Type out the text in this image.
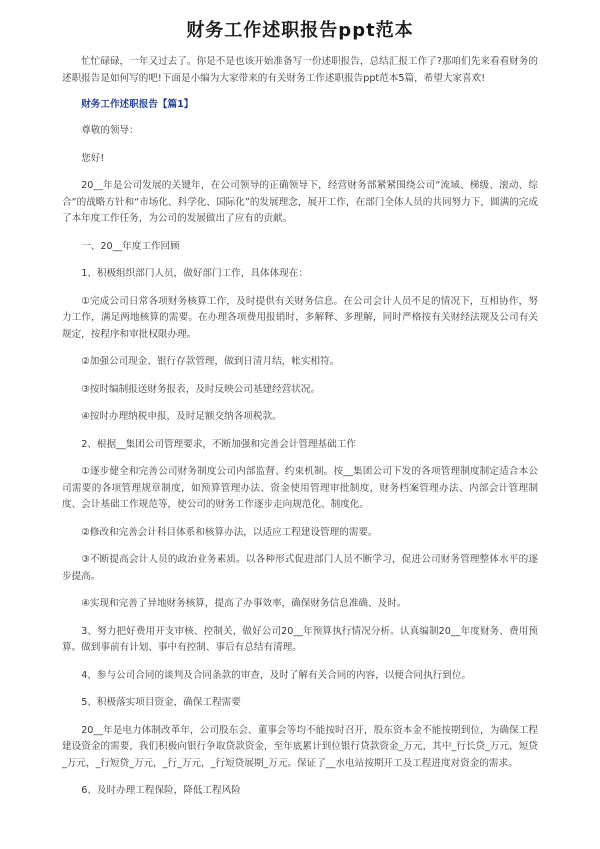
财务工作述职报告ppt范本

忙忙碌碌，一年又过去了。你是不是也该开始准备写一份述职报告，总结汇报工作了?那咱们先来看看财务的述职报告是如何写的吧!下面是小编为大家带来的有关财务工作述职报告ppt范本5篇，希望大家喜欢!

财务工作述职报告【篇1】

尊敬的领导：

您好!

20__年是公司发展的关键年，在公司领导的正确领导下，经营财务部紧紧围绕公司“流域、梯级、滚动、综合”的战略方针和“市场化、科学化、国际化”的发展理念，展开工作，在部门全体人员的共同努力下，圆满的完成了本年度工作任务，为公司的发展做出了应有的贡献。

一、20__年度工作回顾

1、积极组织部门人员，做好部门工作，具体体现在：

①完成公司日常各项财务核算工作，及时提供有关财务信息。在公司会计人员不足的情况下，互相协作，努力工作，满足两地核算的需要。在办理各项费用报销时，多解释、多理解，同时严格按有关财经法规及公司有关规定，按程序和审批权限办理。

②加强公司现金、银行存款管理，做到日清月结，帐实相符。

③按时编制报送财务报表，及时反映公司基建经营状况。

④按时办理纳税申报，及时足额交纳各项税款。

2、根据__集团公司管理要求，不断加强和完善会计管理基础工作

①逐步健全和完善公司财务制度公司内部监督、约束机制。按__集团公司下发的各项管理制度制定适合本公司需要的各项管理规章制度，如预算管理办法、资金使用管理审批制度，财务档案管理办法、内部会计管理制度、会计基础工作规范等，使公司的财务工作逐步走向规范化、制度化。

②修改和完善会计科目体系和核算办法，以适应工程建设管理的需要。

③不断提高会计人员的政治业务素质。以各种形式促进部门人员不断学习，促进公司财务管理整体水平的逐步提高。

④实现和完善了异地财务核算，提高了办事效率，确保财务信息准确、及时。

3、努力把好费用开支审核、控制关，做好公司20__年预算执行情况分析。认真编制20__年度财务、费用预算。做到事前有计划、事中有控制、事后有总结有清理。

4、参与公司合同的谈判及合同条款的审查，及时了解有关合同的内容，以便合同执行到位。

5、积极落实项目资金，确保工程需要

20__年是电力体制改革年，公司股东会、董事会等均不能按时召开，股东资本金不能按期到位，为确保工程建设资金的需要，我们积极向银行争取贷款资金，至年底累计到位银行贷款资金_万元，其中_行长贷_万元，短贷_万元，_行短贷_万元，_行_万元，_行短贷展期_万元。保证了__水电站按期开工及工程进度对资金的需求。

6、及时办理工程保险，降低工程风险
